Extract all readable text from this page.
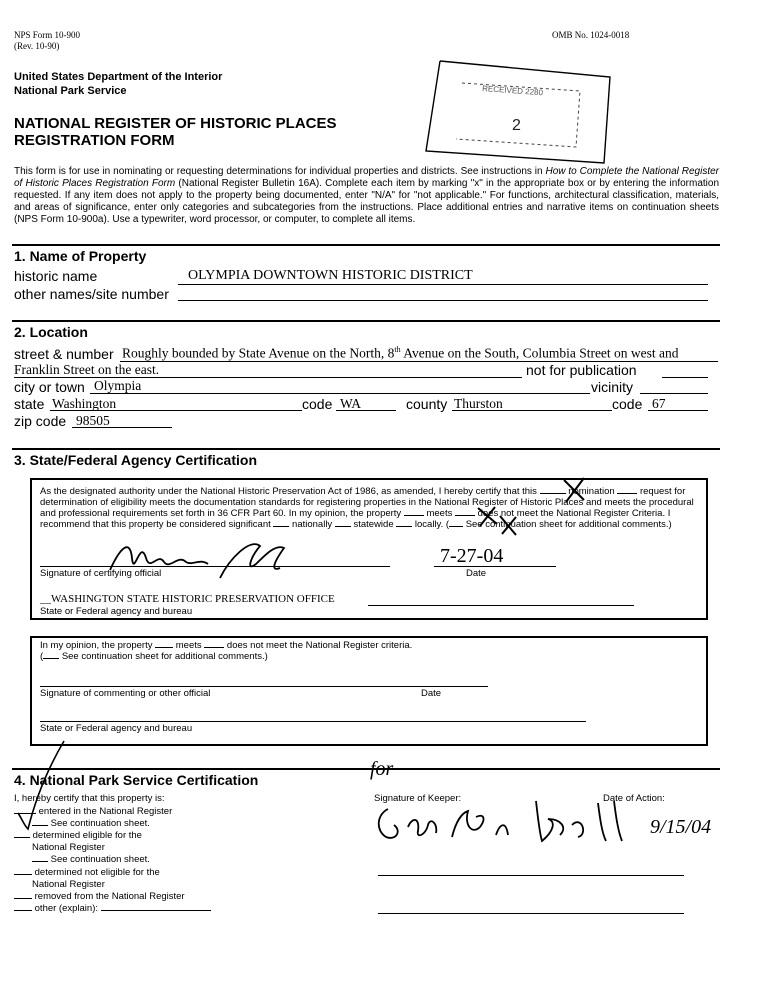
NPS Form 10-900
(Rev. 10-90)
OMB No. 1024-0018
United States Department of the Interior
National Park Service
NATIONAL REGISTER OF HISTORIC PLACES
REGISTRATION FORM
RECEIVED 2280
2
This form is for use in nominating or requesting determinations for individual properties and districts. See instructions in How to Complete the National Register of Historic Places Registration Form (National Register Bulletin 16A). Complete each item by marking "x" in the appropriate box or by entering the information requested. If any item does not apply to the property being documented, enter "N/A" for "not applicable." For functions, architectural classification, materials, and areas of significance, enter only categories and subcategories from the instructions. Place additional entries and narrative items on continuation sheets (NPS Form 10-900a). Use a typewriter, word processor, or computer, to complete all items.
1. Name of Property
historic name	OLYMPIA DOWNTOWN HISTORIC DISTRICT
other names/site number
2. Location
street & number Roughly bounded by State Avenue on the North, 8th Avenue on the South, Columbia Street on west and
Franklin Street on the east.	not for publication
city or town Olympia	vicinity
state Washington	code WA	county Thurston	code 67
zip code 98505
3. State/Federal Agency Certification
As the designated authority under the National Historic Preservation Act of 1986, as amended, I hereby certify that this	nomination	request for determination of eligibility meets the documentation standards for registering properties in the National Register of Historic Places and meets the procedural and professional requirements set forth in 36 CFR Part 60. In my opinion, the property	meets	does not meet the National Register Criteria. I recommend that this property be considered significant nationally statewide locally. ( See continuation sheet for additional comments.)
7-27-04
Signature of certifying official	Date
__WASHINGTON STATE HISTORIC PRESERVATION OFFICE
State or Federal agency and bureau
In my opinion, the property meets	does not meet the National Register criteria.
( See continuation sheet for additional comments.)
Signature of commenting or other official	Date
State or Federal agency and bureau
4. National Park Service Certification
I, hereby certify that this property is:
entered in the National Register
See continuation sheet.
determined eligible for the
National Register
See continuation sheet.
determined not eligible for the
National Register
removed from the National Register
other (explain):
for
Signature of Keeper:	Date of Action:
9/15/04
